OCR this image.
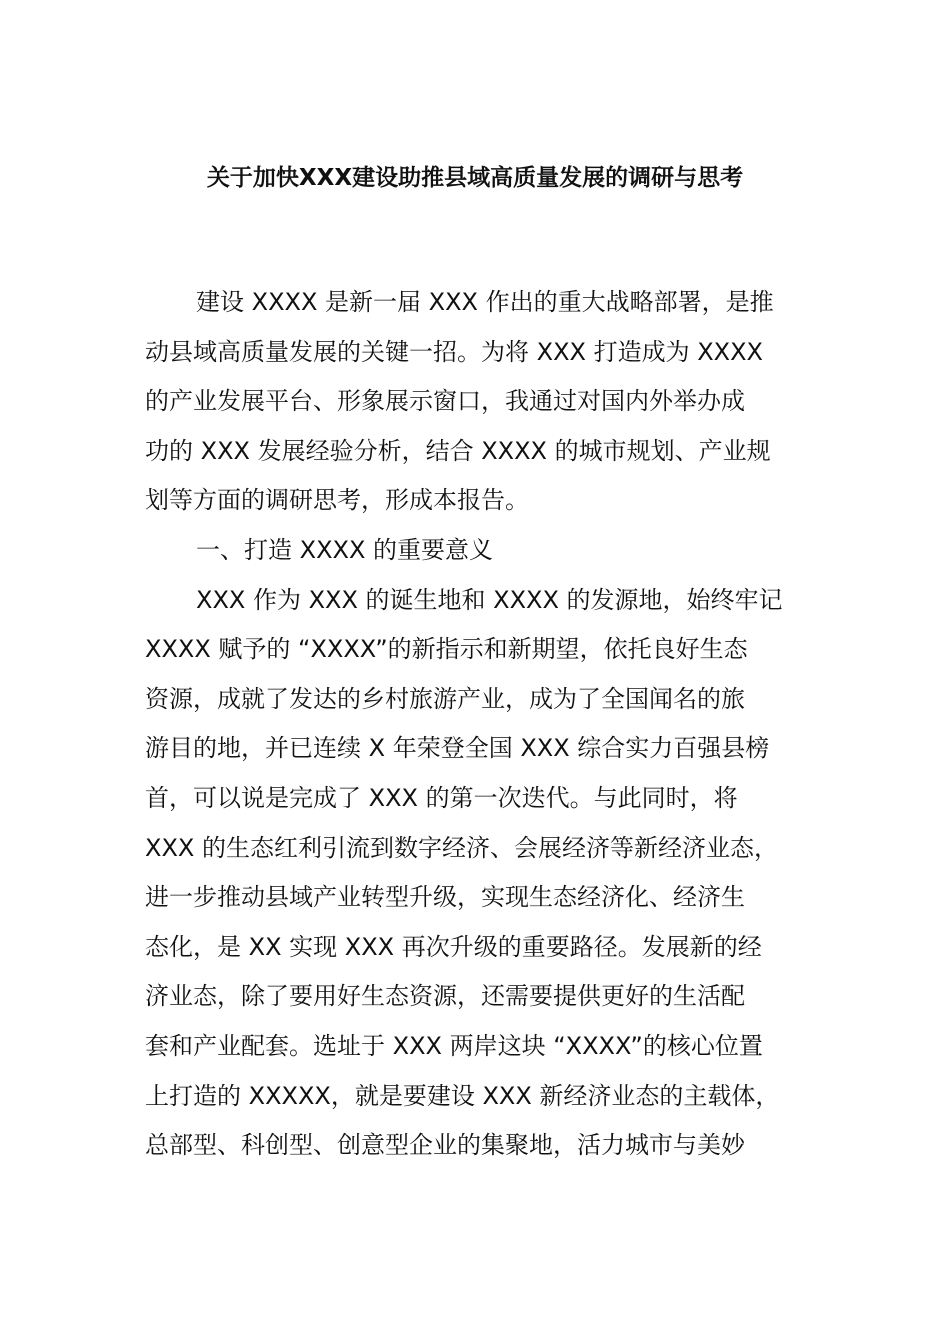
关于加快XXX建设助推县域高质量发展的调研与思考
建设 XXXX 是新一届 XXX 作出的重大战略部署，是推
动县域高质量发展的关键一招。为将 XXX 打造成为 XXXX
的产业发展平台、形象展示窗口，我通过对国内外举办成
功的 XXX 发展经验分析，结合 XXXX 的城市规划、产业规
划等方面的调研思考，形成本报告。
一、打造 XXXX 的重要意义
XXX 作为 XXX 的诞生地和 XXXX 的发源地，始终牢记
XXXX 赋予的 “XXXX”的新指示和新期望，依托良好生态
资源，成就了发达的乡村旅游产业，成为了全国闻名的旅
游目的地，并已连续 X 年荣登全国 XXX 综合实力百强县榜
首，可以说是完成了 XXX 的第一次迭代。与此同时，将
XXX 的生态红利引流到数字经济、会展经济等新经济业态，
进一步推动县域产业转型升级，实现生态经济化、经济生
态化，是 XX 实现 XXX 再次升级的重要路径。发展新的经
济业态，除了要用好生态资源，还需要提供更好的生活配
套和产业配套。选址于 XXX 两岸这块 “XXXX”的核心位置
上打造的 XXXXX，就是要建设 XXX 新经济业态的主载体，
总部型、科创型、创意型企业的集聚地，活力城市与美妙
